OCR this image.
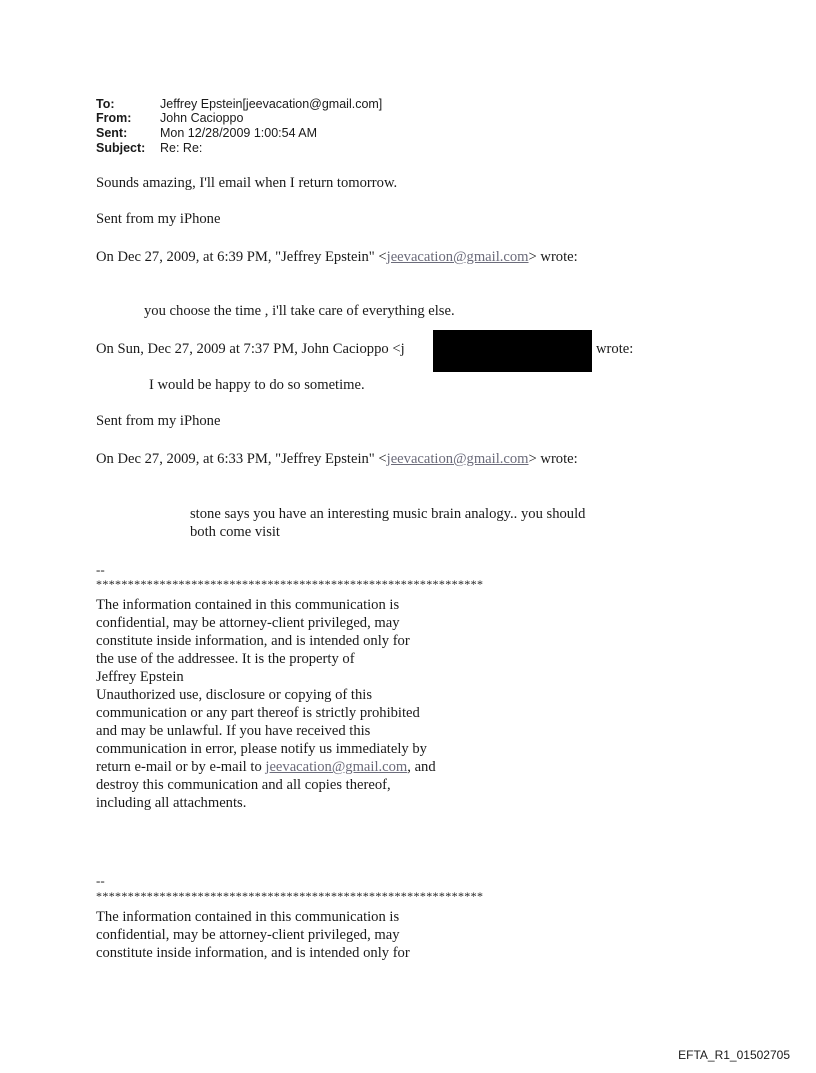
To:	Jeffrey Epstein[jeevacation@gmail.com]
From: John Cacioppo
Sent:	Mon 12/28/2009 1:00:54 AM
Subject: Re: Re:
Sounds amazing, I'll email when I return tomorrow.
Sent from my iPhone
On Dec 27, 2009, at 6:39 PM, "Jeffrey Epstein" <jeevacation@gmail.com> wrote:
you choose the time , i'll take care of everything else.
On Sun, Dec 27, 2009 at 7:37 PM, John Cacioppo <j	wrote:
I would be happy to do so sometime.
Sent from my iPhone
On Dec 27, 2009, at 6:33 PM, "Jeffrey Epstein" <jeevacation@gmail.com> wrote:
stone says you have an interesting music brain analogy.. you should
both come visit
--
*************************************************************
The information contained in this communication is
confidential, may be attorney-client privileged, may
constitute inside information, and is intended only for
the use of the addressee. It is the property of
Jeffrey Epstein
Unauthorized use, disclosure or copying of this
communication or any part thereof is strictly prohibited
and may be unlawful. If you have received this
communication in error, please notify us immediately by
return e-mail or by e-mail to jeevacation@gmail.com, and
destroy this communication and all copies thereof,
including all attachments.
--
*************************************************************
The information contained in this communication is
confidential, may be attorney-client privileged, may
constitute inside information, and is intended only for
EFTA_R1_01502705
